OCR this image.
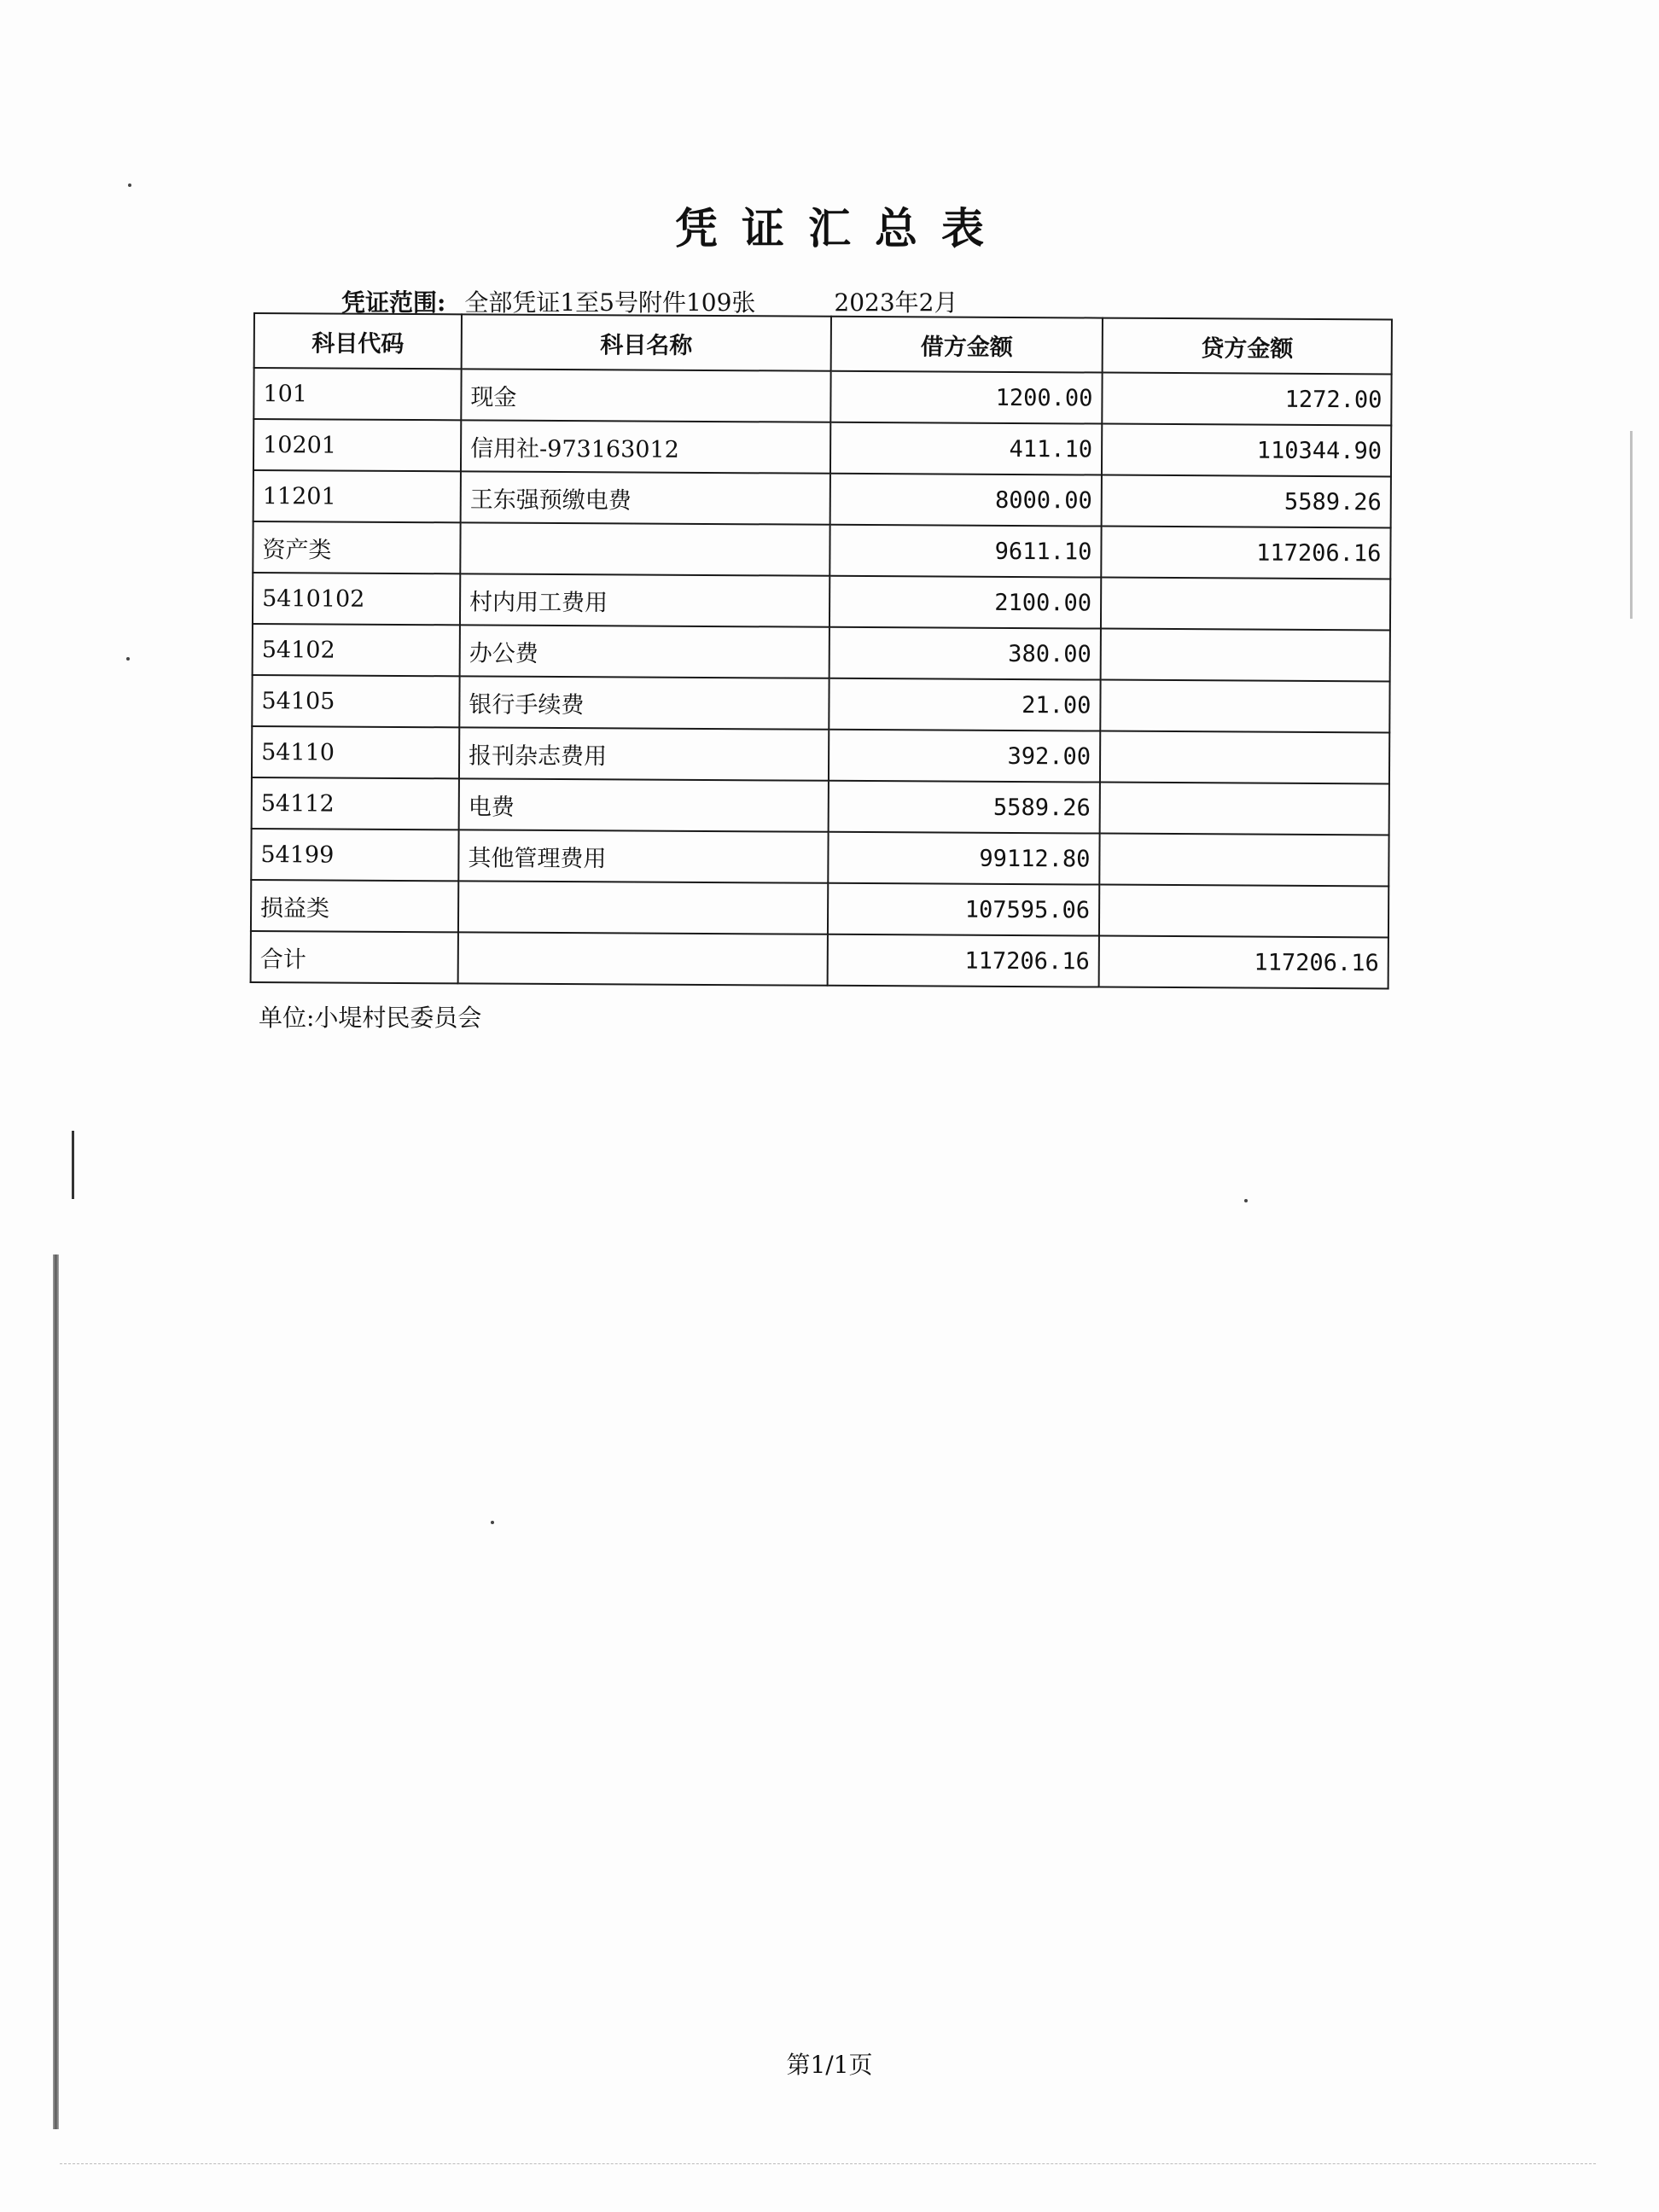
凭证汇总表
凭证范围: 全部凭证1至5号附件109张	2023年2月
科目代码	科目名称	借方金额	贷方金额
101	现金	1200.00	1272.00
10201	信用社-973163012	411.10	110344.90
11201	王东强预缴电费	8000.00	5589.26
资产类		9611.10	117206.16
5410102	村内用工费用	2100.00	
54102	办公费	380.00	
54105	银行手续费	21.00	
54110	报刊杂志费用	392.00	
54112	电费	5589.26	
54199	其他管理费用	99112.80	
损益类		107595.06	
合计		117206.16	117206.16
单位:小堤村民委员会
第1/1页
